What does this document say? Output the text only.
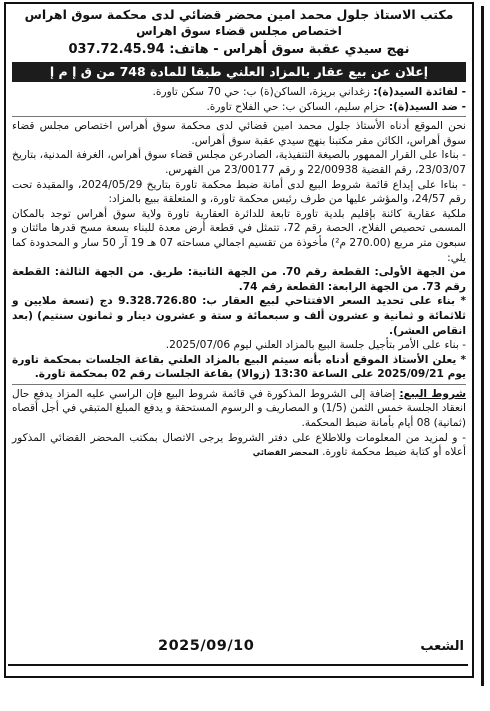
مكتب الاستاذ جلول محمد امين محضر قضائي لدى محكمة سوق اهراس
اختصاص مجلس قضاء سوق اهراس
نهج سيدي عقبة سوق أهراس - هاتف: 037.72.45.94
إعلان عن بيع عقار بالمزاد العلني طبقا للمادة 748 من ق إ م إ

- لفائدة السيد(ة): زغداني بريزة، الساكن(ة) ب: حي 70 سكن تاورة.

- ضد السيد(ة): حزام سليم، الساكن ب: حي الفلاح تاورة.

نحن الموقع أدناه الأستاذ جلول محمد امين قضائي لدى محكمة سوق أهراس اختصاص مجلس قضاء سوق أهراس، الكائن مقر مكتبنا بنهج سيدي عقبة سوق أهراس.

- بناءا على القرار الممهور بالصيغة التنفيذية، الصادرعن مجلس قضاء سوق أهراس، الغرفة المدنية، بتاريخ 23/03/07، رقم القضية 22/00938 و رقم 23/00177 من الفهرس.

- بناءا على إيداع قائمة شروط البيع لدى أمانة ضبط محكمة تاورة بتاريخ 2024/05/29، والمقيدة تحت رقم 24/57، والمؤشر عليها من طرف رئيس محكمة تاورة، و المتعلقة ببيع بالمزاد:

ملكية عقارية كائنة بإقليم بلدية تاورة تابعة للدائرة العقارية تاورة ولاية سوق أهراس توجد بالمكان المسمى تحصيص الفلاح، الحصة رقم 72، تتمثل في قطعة أرض معدة للبناء بسعة مسح قدرها مائتان و سبعون متر مربع (270.00 م²) مأخوذة من تقسيم اجمالي مساحته 07 هـ 19 آر 50 سار و المحدودة كما يلي:

من الجهة الأولى: القطعة رقم 70. من الجهة الثانية: طريق. من الجهة الثالثة: القطعة رقم 73. من الجهة الرابعة: القطعة رقم 74.

* بناء على تحديد السعر الافتتاحي لبيع العقار ب: 9.328.726.80 دج (تسعة ملايين و ثلاثمائة و ثمانية و عشرون ألف و سبعمائة و ستة و عشرون دينار و ثمانون سنتيم) (بعد انقاص العشر).

- بناء على الأمر بتأجيل جلسة البيع بالمزاد العلني ليوم 2025/07/06.

* يعلن الأستاذ الموقع أدناه بأنه سيتم البيع بالمزاد العلني بقاعة الجلسات بمحكمة تاورة يوم 2025/09/21 على الساعة 13:30 (زوالا) بقاعة الجلسات رقم 02 بمحكمة تاورة.

شروط البيع: إضافة إلى الشروط المذكورة في قائمة شروط البيع فإن الراسي عليه المزاد يدفع حال انعقاد الجلسة خمس الثمن (1/5) و المصاريف و الرسوم المستحقة و يدفع المبلغ المتبقي في أجل أقصاه (ثمانية) 08 أيام بأمانة ضبط المحكمة.

- و لمزيد من المعلومات وللاطلاع على دفتر الشروط يرجى الاتصال بمكتب المحضر القضائي المذكور أعلاه أو كتابة ضبط محكمة تاورة. المحضر القضائي

الشعب
2025/09/10
